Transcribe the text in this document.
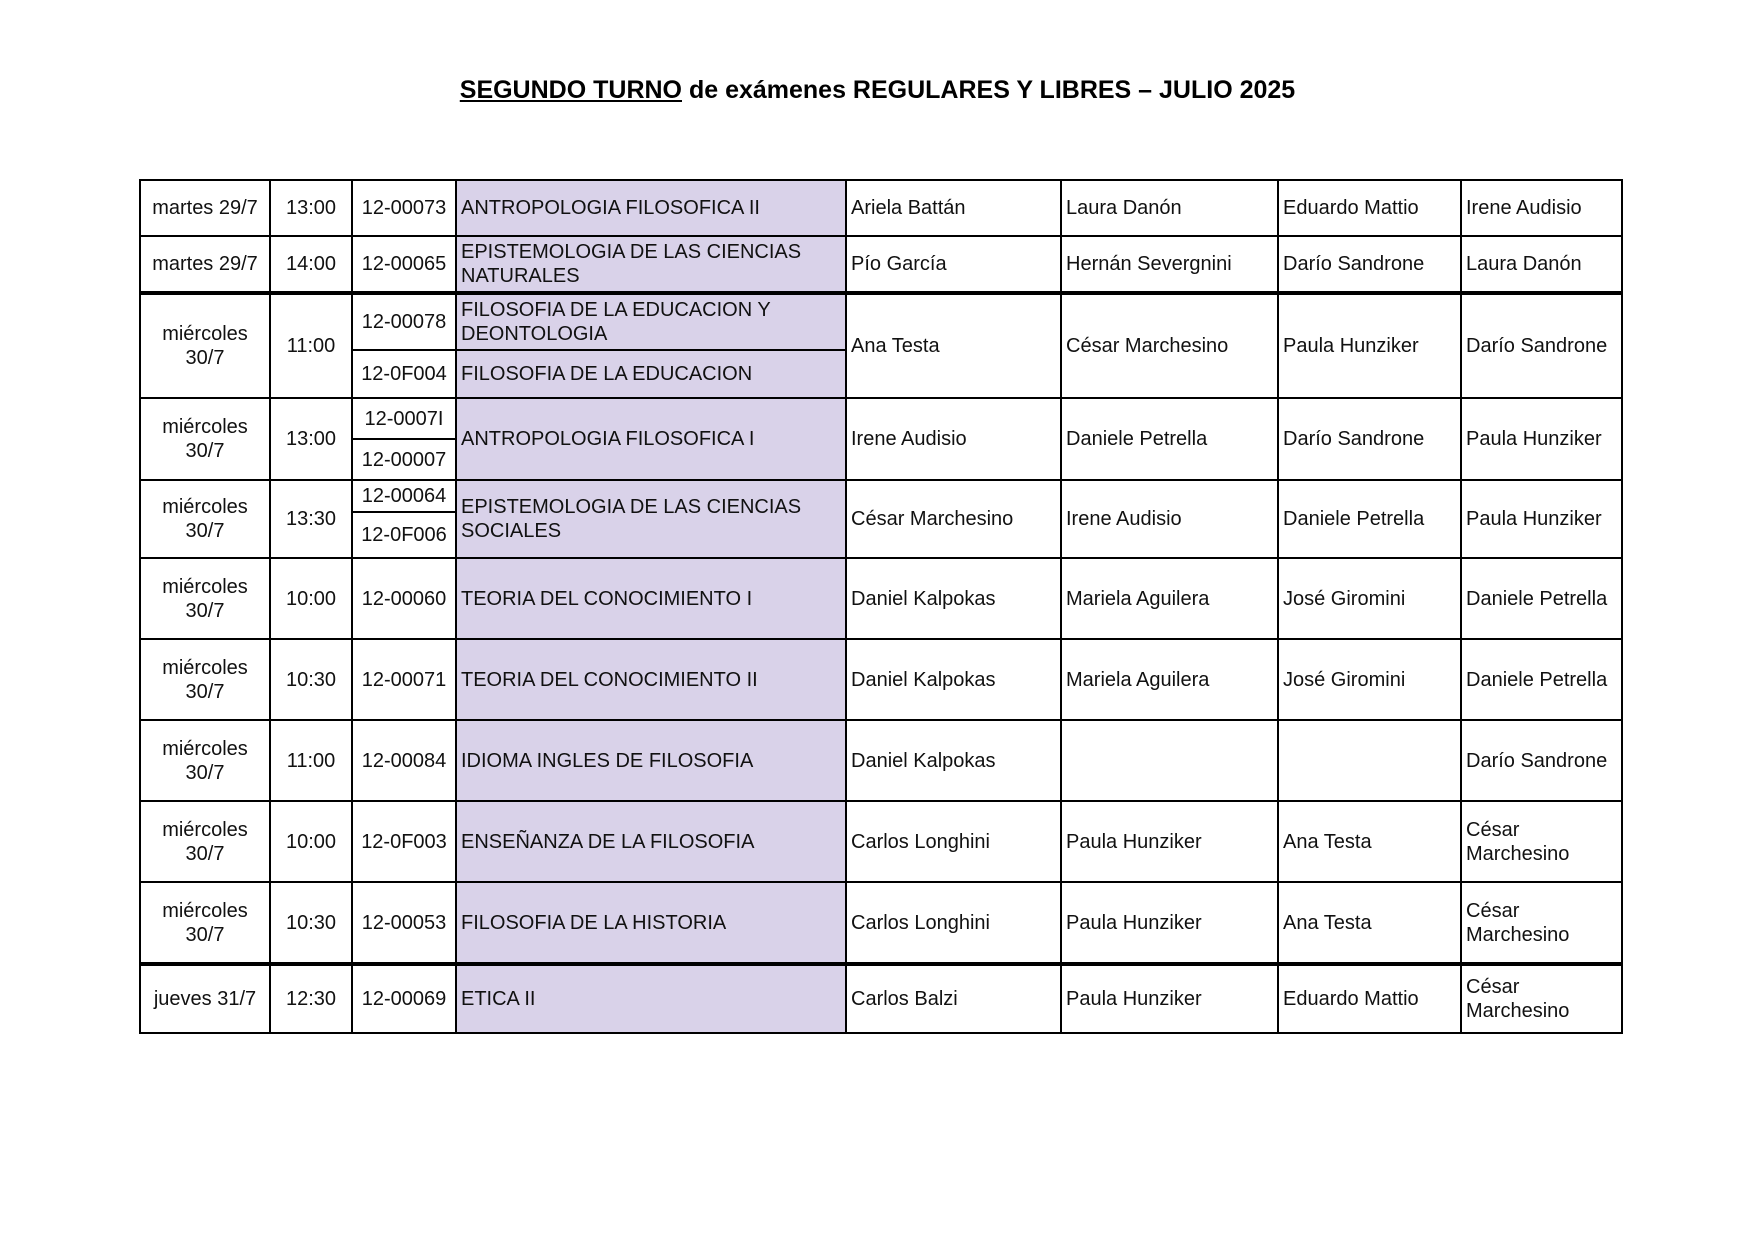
SEGUNDO TURNO de exámenes REGULARES Y LIBRES – JULIO 2025
martes 29/7	13:00	12-00073	ANTROPOLOGIA FILOSOFICA II	Ariela Battán	Laura Danón	Eduardo Mattio	Irene Audisio
martes 29/7	14:00	12-00065	EPISTEMOLOGIA DE LAS CIENCIAS NATURALES	Pío García	Hernán Severgnini	Darío Sandrone	Laura Danón
miércoles 30/7	11:00	12-00078	FILOSOFIA DE LA EDUCACION Y DEONTOLOGIA	Ana Testa	César Marchesino	Paula Hunziker	Darío Sandrone
		12-0F004	FILOSOFIA DE LA EDUCACION				
miércoles 30/7	13:00	12-0007I	ANTROPOLOGIA FILOSOFICA I	Irene Audisio	Daniele Petrella	Darío Sandrone	Paula Hunziker
		12-00007					
miércoles 30/7	13:30	12-00064	EPISTEMOLOGIA DE LAS CIENCIAS SOCIALES	César Marchesino	Irene Audisio	Daniele Petrella	Paula Hunziker
		12-0F006					
miércoles 30/7	10:00	12-00060	TEORIA DEL CONOCIMIENTO I	Daniel Kalpokas	Mariela Aguilera	José Giromini	Daniele Petrella
miércoles 30/7	10:30	12-00071	TEORIA DEL CONOCIMIENTO II	Daniel Kalpokas	Mariela Aguilera	José Giromini	Daniele Petrella
miércoles 30/7	11:00	12-00084	IDIOMA INGLES DE FILOSOFIA	Daniel Kalpokas			Darío Sandrone
miércoles 30/7	10:00	12-0F003	ENSEÑANZA DE LA FILOSOFIA	Carlos Longhini	Paula Hunziker	Ana Testa	César Marchesino
miércoles 30/7	10:30	12-00053	FILOSOFIA DE LA HISTORIA	Carlos Longhini	Paula Hunziker	Ana Testa	César Marchesino
jueves 31/7	12:30	12-00069	ETICA II	Carlos Balzi	Paula Hunziker	Eduardo Mattio	César Marchesino
